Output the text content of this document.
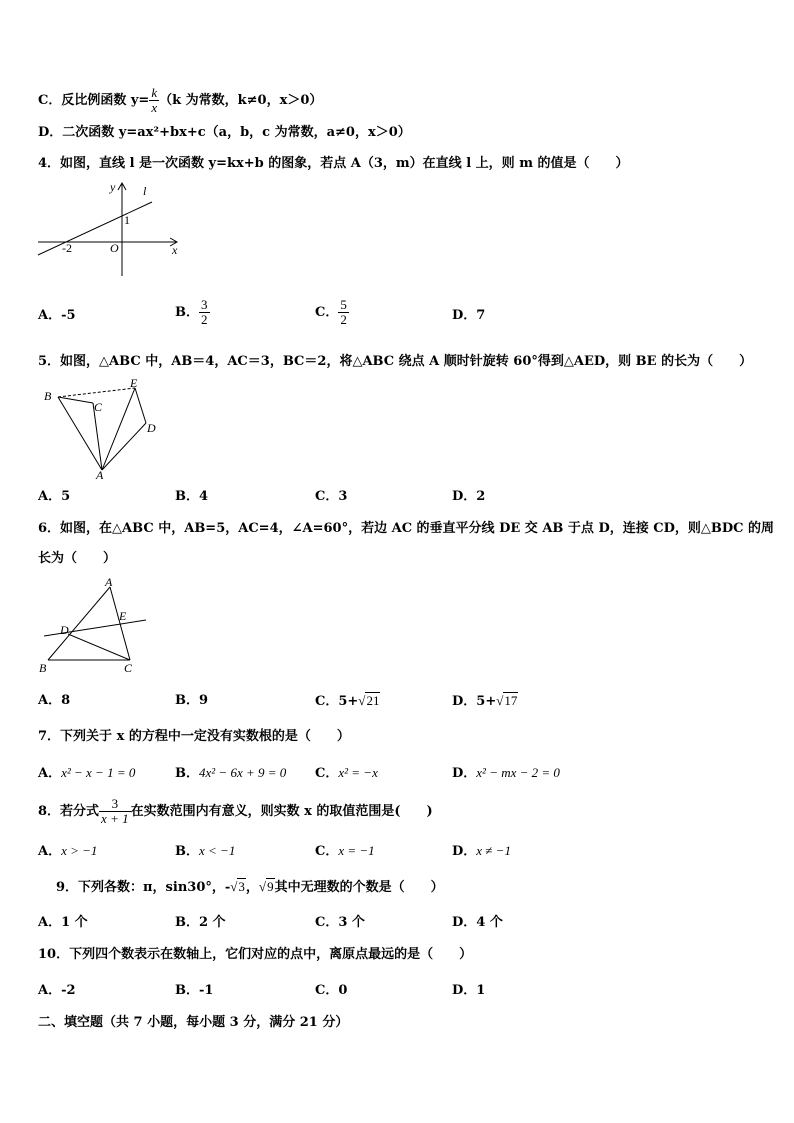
C．反比例函数 $y= \frac{k}{x} (k$ 为常数，k≠0，x＞0）
D．二次函数 y=ax²+bx+c（a，b，c 为常数，a≠0，x＞0）
4．如图，直线 l 是一次函数 y=kx+b 的图象，若点 A（3，m）在直线 l 上，则 m 的值是（　　）
y l
1
-2	O	x
A．-5	B． $\frac{3}{2}$	C． $\frac{5}{2}$	D．7
5．如图，△ABC 中，AB＝4，AC＝3，BC＝2，将△ABC 绕点 A 顺时针旋转 60°得到△AED，则 BE 的长为（　　）
B
C
E
D
A
A．5	B．4	C．3	D．2
6．如图，在△ABC 中，AB=5，AC=4，∠A=60°，若边 AC 的垂直平分线 DE 交 AB 于点 D，连接 CD，则△BDC 的周
长为（　　）
A
E
D
B	C
A．8	B．9	C．5+√21	D．5+√17
7．下列关于 x 的方程中一定没有实数根的是（　　）
A．x² − x − 1 = 0	B．4x² − 6x + 9 = 0 C．x² = −x	D．x² − mx − 2 = 0
8．若分式 $\frac{3}{x + 1}$ 在实数范围内有意义，则实数 x 的取值范围是(　　)
A．x > −1	B．x < −1	C．x = −1	D．x ≠ −1
9．下列各数：π，sin30°，-√3，√9其中无理数的个数是（　　）
A．1 个	B．2 个	C．3 个	D．4 个
10．下列四个数表示在数轴上，它们对应的点中，离原点最远的是（　　）
A．-2	B．-1	C．0	D．1
二、填空题（共 7 小题，每小题 3 分，满分 21 分）
